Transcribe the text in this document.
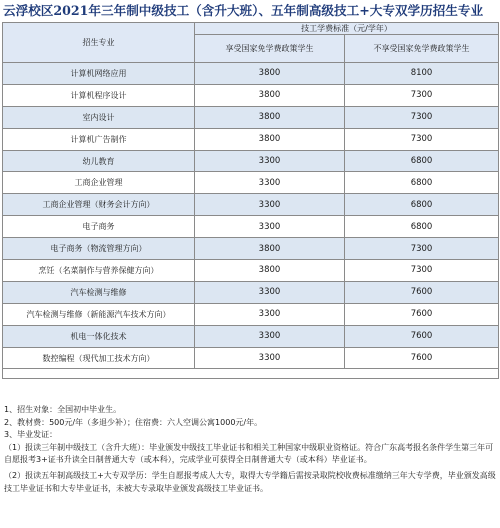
云浮校区2021年三年制中级技工（含升大班）、五年制高级技工+大专双学历招生专业
招生专业	技工学费标准（元/学年）	
	享受国家免学费政策学生	不享受国家免学费政策学生
计算机网络应用	3800	8100
计算机程序设计	3800	7300
室内设计	3800	7300
计算机广告制作	3800	7300
幼儿教育	3300	6800
工商企业管理	3300	6800
工商企业管理（财务会计方向）	3300	6800
电子商务	3300	6800
电子商务（物流管理方向）	3800	7300
烹饪（名菜制作与营养保健方向）	3800	7300
汽车检测与维修	3300	7600
汽车检测与维修（新能源汽车技术方向）	3300	7600
机电一体化技术	3300	7600
数控编程（现代加工技术方向）	3300	7600

1、招生对象：全国初中毕业生。

2、教材费：500元/年（多退少补）；住宿费：六人空调公寓1000元/年。

3、毕业发证：

（1）报读三年制中级技工（含升大班）：毕业颁发中级技工毕业证书和相关工种国家中级职业资格证。符合广东高考报名条件学生第三年可自愿报考3+证书升读全日制普通大专（或本科），完成学业可获得全日制普通大专（或本科）毕业证书。

（2）报读五年制高级技工+大专双学历：学生自愿报考成人大专，取得大专学籍后需按录取院校收费标准缴纳三年大专学费，毕业颁发高级技工毕业证书和大专毕业证书，未被大专录取毕业颁发高级技工毕业证书。
